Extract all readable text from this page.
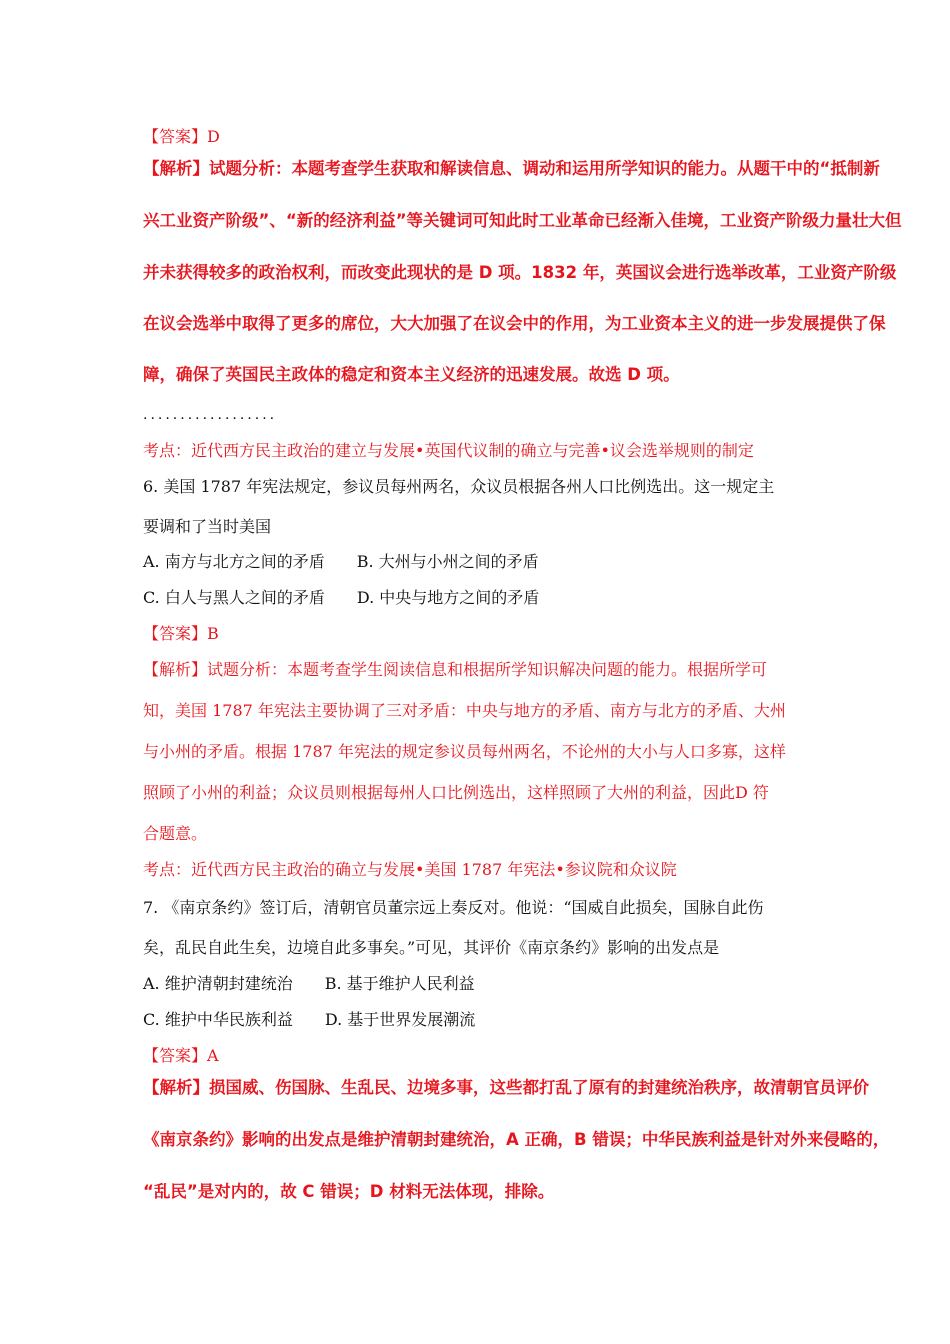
【答案】D
【解析】试题分析：本题考查学生获取和解读信息、调动和运用所学知识的能力。从题干中的“抵制新
兴工业资产阶级”、“新的经济利益”等关键词可知此时工业革命已经渐入佳境，工业资产阶级力量壮大但
并未获得较多的政治权利，而改变此现状的是 D 项。1832 年，英国议会进行选举改革，工业资产阶级
在议会选举中取得了更多的席位，大大加强了在议会中的作用，为工业资本主义的进一步发展提供了保
障，确保了英国民主政体的稳定和资本主义经济的迅速发展。故选 D 项。
..................
考点：近代西方民主政治的建立与发展•英国代议制的确立与完善•议会选举规则的制定
6. 美国 1787 年宪法规定，参议员每州两名，众议员根据各州人口比例选出。这一规定主
要调和了当时美国
A. 南方与北方之间的矛盾 B. 大州与小州之间的矛盾
C. 白人与黑人之间的矛盾 D. 中央与地方之间的矛盾
【答案】B
【解析】试题分析：本题考查学生阅读信息和根据所学知识解决问题的能力。根据所学可
知，美国 1787 年宪法主要协调了三对矛盾：中央与地方的矛盾、南方与北方的矛盾、大州
与小州的矛盾。根据 1787 年宪法的规定参议员每州两名，不论州的大小与人口多寡，这样
照顾了小州的利益；众议员则根据每州人口比例选出，这样照顾了大州的利益，因此D 符
合题意。
考点：近代西方民主政治的确立与发展•美国 1787 年宪法•参议院和众议院
7. 《南京条约》签订后，清朝官员董宗远上奏反对。他说：“国威自此损矣，国脉自此伤
矣，乱民自此生矣，边境自此多事矣。”可见，其评价《南京条约》影响的出发点是
A. 维护清朝封建统治 B. 基于维护人民利益
C. 维护中华民族利益 D. 基于世界发展潮流
【答案】A
【解析】损国威、伤国脉、生乱民、边境多事，这些都打乱了原有的封建统治秩序，故清朝官员评价
《南京条约》影响的出发点是维护清朝封建统治，A 正确，B 错误；中华民族利益是针对外来侵略的，
“乱民”是对内的，故 C 错误；D 材料无法体现，排除。
